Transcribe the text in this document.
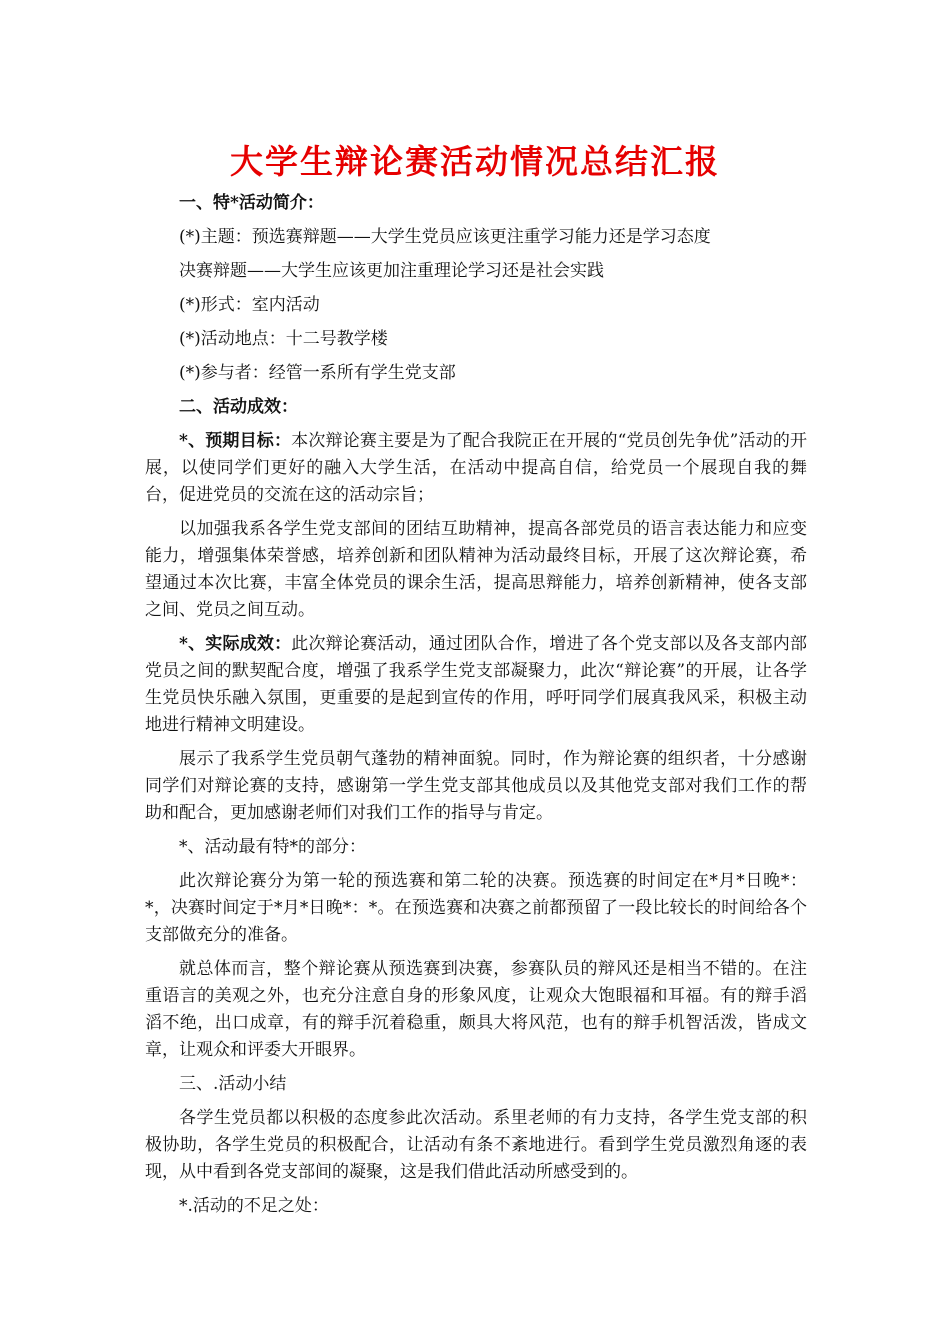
大学生辩论赛活动情况总结汇报

一、特*活动简介：

(*)主题：预选赛辩题——大学生党员应该更注重学习能力还是学习态度

决赛辩题——大学生应该更加注重理论学习还是社会实践

(*)形式：室内活动

(*)活动地点：十二号教学楼

(*)参与者：经管一系所有学生党支部

二、活动成效：

*、预期目标：本次辩论赛主要是为了配合我院正在开展的“党员创先争优”活动的开展，以使同学们更好的融入大学生活，在活动中提高自信，给党员一个展现自我的舞台，促进党员的交流在这的活动宗旨；

以加强我系各学生党支部间的团结互助精神，提高各部党员的语言表达能力和应变能力，增强集体荣誉感，培养创新和团队精神为活动最终目标，开展了这次辩论赛，希望通过本次比赛，丰富全体党员的课余生活，提高思辩能力，培养创新精神，使各支部之间、党员之间互动。

*、实际成效：此次辩论赛活动，通过团队合作，增进了各个党支部以及各支部内部党员之间的默契配合度，增强了我系学生党支部凝聚力，此次“辩论赛”的开展，让各学生党员快乐融入氛围，更重要的是起到宣传的作用，呼吁同学们展真我风采，积极主动地进行精神文明建设。

展示了我系学生党员朝气蓬勃的精神面貌。同时，作为辩论赛的组织者，十分感谢同学们对辩论赛的支持，感谢第一学生党支部其他成员以及其他党支部对我们工作的帮助和配合，更加感谢老师们对我们工作的指导与肯定。

*、活动最有特*的部分：

此次辩论赛分为第一轮的预选赛和第二轮的决赛。预选赛的时间定在*月*日晚*：*，决赛时间定于*月*日晚*：*。在预选赛和决赛之前都预留了一段比较长的时间给各个支部做充分的准备。

就总体而言，整个辩论赛从预选赛到决赛，参赛队员的辩风还是相当不错的。在注重语言的美观之外，也充分注意自身的形象风度，让观众大饱眼福和耳福。有的辩手滔滔不绝，出口成章，有的辩手沉着稳重，颇具大将风范，也有的辩手机智活泼，皆成文章，让观众和评委大开眼界。

三、.活动小结

各学生党员都以积极的态度参此次活动。系里老师的有力支持，各学生党支部的积极协助，各学生党员的积极配合，让活动有条不紊地进行。看到学生党员激烈角逐的表现，从中看到各党支部间的凝聚，这是我们借此活动所感受到的。

*.活动的不足之处：
